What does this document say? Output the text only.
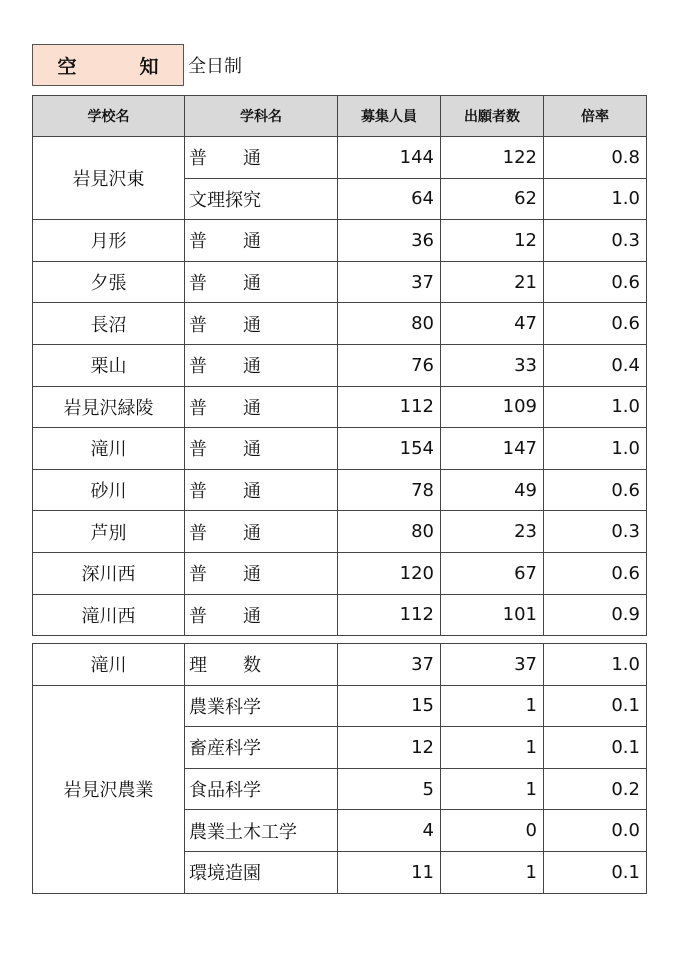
空　知 全日制
学校名	学科名	募集人員	出願者数	倍率
岩見沢東	普　　通	144	122	0.8
	文理探究	64	62	1.0
月形	普　　通	36	12	0.3
夕張	普　　通	37	21	0.6
長沼	普　　通	80	47	0.6
栗山	普　　通	76	33	0.4
岩見沢緑陵	普　　通	112	109	1.0
滝川	普　　通	154	147	1.0
砂川	普　　通	78	49	0.6
芦別	普　　通	80	23	0.3
深川西	普　　通	120	67	0.6
滝川西	普　　通	112	101	0.9
滝川	理　　数	37	37	1.0
岩見沢農業	農業科学	15	1	0.1
	畜産科学	12	1	0.1
	食品科学	5	1	0.2
	農業土木工学	4	0	0.0
	環境造園	11	1	0.1
